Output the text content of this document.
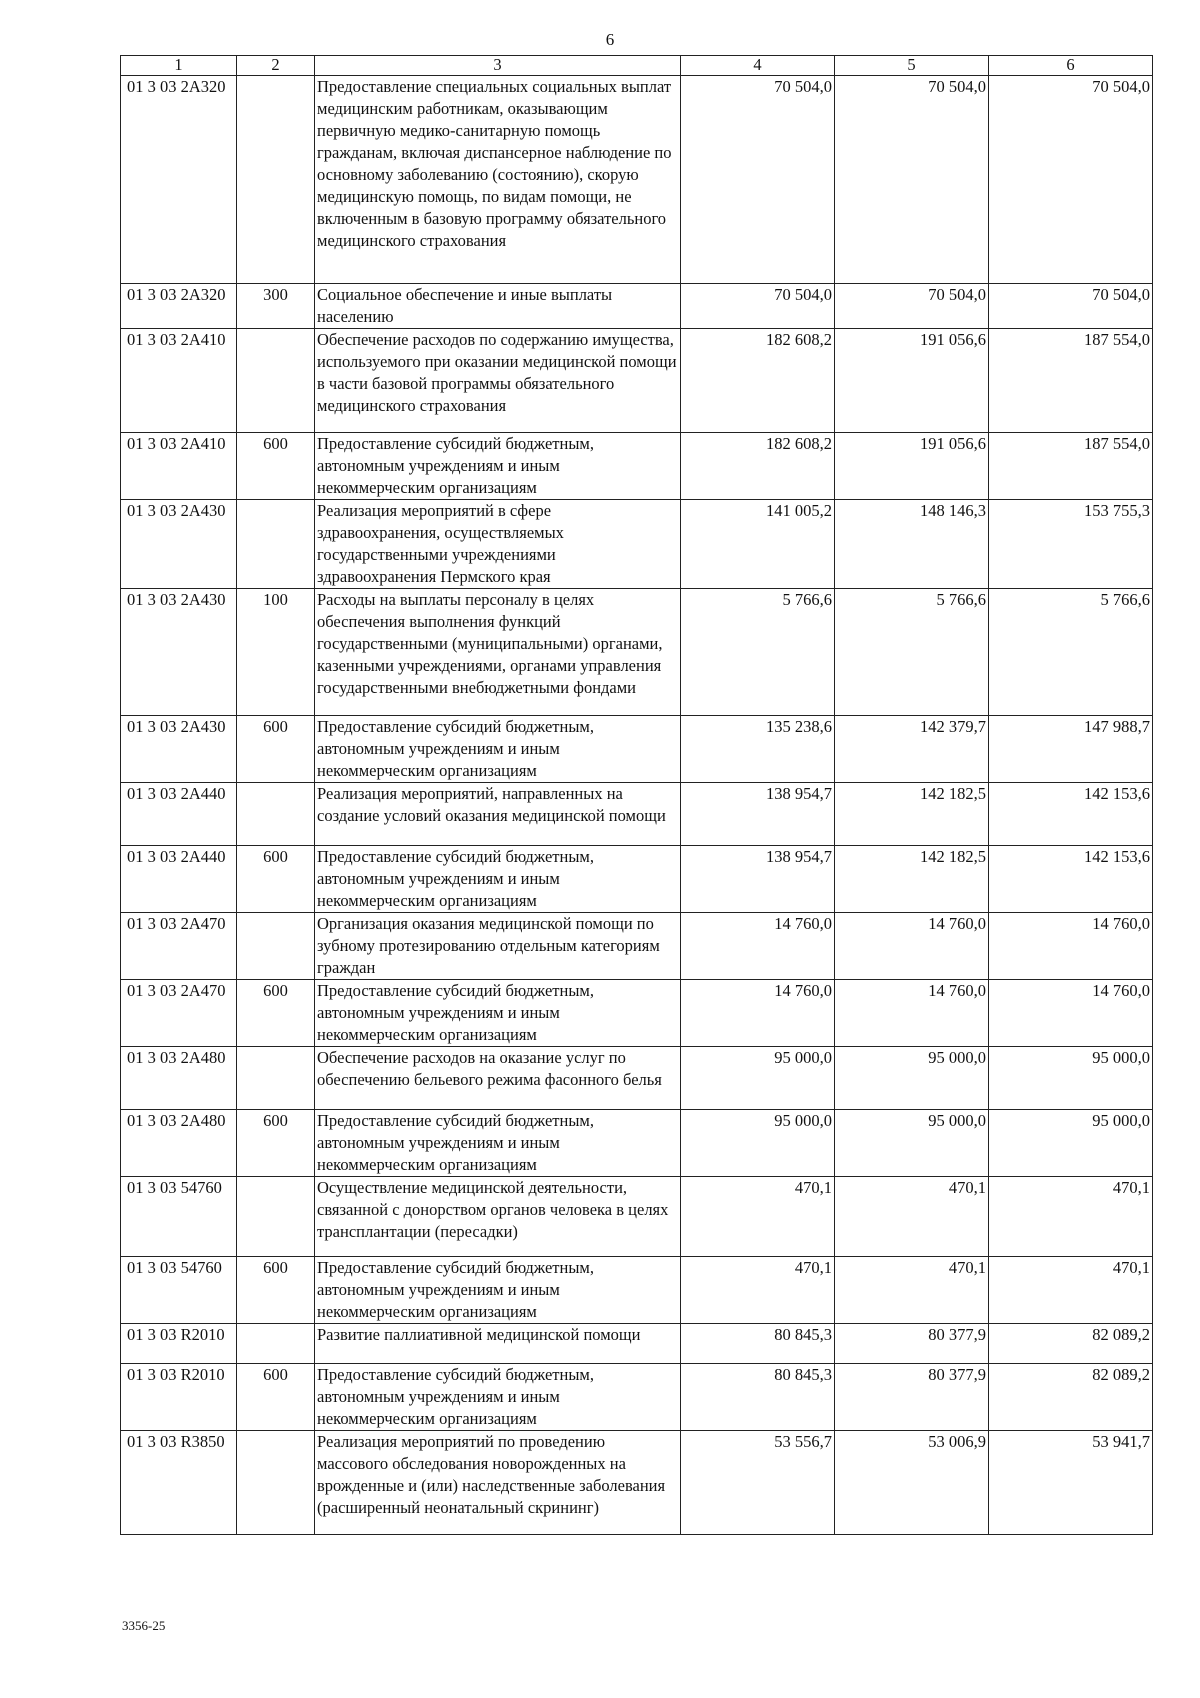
6
1	2	3	4	5	6
01 3 03 2А320		Предоставление специальных социальных выплат медицинским работникам, оказывающим первичную медико-санитарную помощь гражданам, включая диспансерное наблюдение по основному заболеванию (состоянию), скорую медицинскую помощь, по видам помощи, не включенным в базовую программу обязательного медицинского страхования	70 504,0	70 504,0	70 504,0
01 3 03 2А320	300	Социальное обеспечение и иные выплаты населению	70 504,0	70 504,0	70 504,0
01 3 03 2А410		Обеспечение расходов по содержанию имущества, используемого при оказании медицинской помощи в части базовой программы обязательного медицинского страхования	182 608,2	191 056,6	187 554,0
01 3 03 2А410	600	Предоставление субсидий бюджетным, автономным учреждениям и иным некоммерческим организациям	182 608,2	191 056,6	187 554,0
01 3 03 2А430		Реализация мероприятий в сфере здравоохранения, осуществляемых государственными учреждениями здравоохранения Пермского края	141 005,2	148 146,3	153 755,3
01 3 03 2А430	100	Расходы на выплаты персоналу в целях обеспечения выполнения функций государственными (муниципальными) органами, казенными учреждениями, органами управления государственными внебюджетными фондами	5 766,6	5 766,6	5 766,6
01 3 03 2А430	600	Предоставление субсидий бюджетным, автономным учреждениям и иным некоммерческим организациям	135 238,6	142 379,7	147 988,7
01 3 03 2А440		Реализация мероприятий, направленных на создание условий оказания медицинской помощи	138 954,7	142 182,5	142 153,6
01 3 03 2А440	600	Предоставление субсидий бюджетным, автономным учреждениям и иным некоммерческим организациям	138 954,7	142 182,5	142 153,6
01 3 03 2А470		Организация оказания медицинской помощи по зубному протезированию отдельным категориям граждан	14 760,0	14 760,0	14 760,0
01 3 03 2А470	600	Предоставление субсидий бюджетным, автономным учреждениям и иным некоммерческим организациям	14 760,0	14 760,0	14 760,0
01 3 03 2А480		Обеспечение расходов на оказание услуг по обеспечению бельевого режима фасонного белья	95 000,0	95 000,0	95 000,0
01 3 03 2А480	600	Предоставление субсидий бюджетным, автономным учреждениям и иным некоммерческим организациям	95 000,0	95 000,0	95 000,0
01 3 03 54760		Осуществление медицинской деятельности, связанной с донорством органов человека в целях трансплантации (пересадки)	470,1	470,1	470,1
01 3 03 54760	600	Предоставление субсидий бюджетным, автономным учреждениям и иным некоммерческим организациям	470,1	470,1	470,1
01 3 03 R2010		Развитие паллиативной медицинской помощи	80 845,3	80 377,9	82 089,2
01 3 03 R2010	600	Предоставление субсидий бюджетным, автономным учреждениям и иным некоммерческим организациям	80 845,3	80 377,9	82 089,2
01 3 03 R3850		Реализация мероприятий по проведению массового обследования новорожденных на врожденные и (или) наследственные заболевания (расширенный неонатальный скрининг)	53 556,7	53 006,9	53 941,7
3356-25
